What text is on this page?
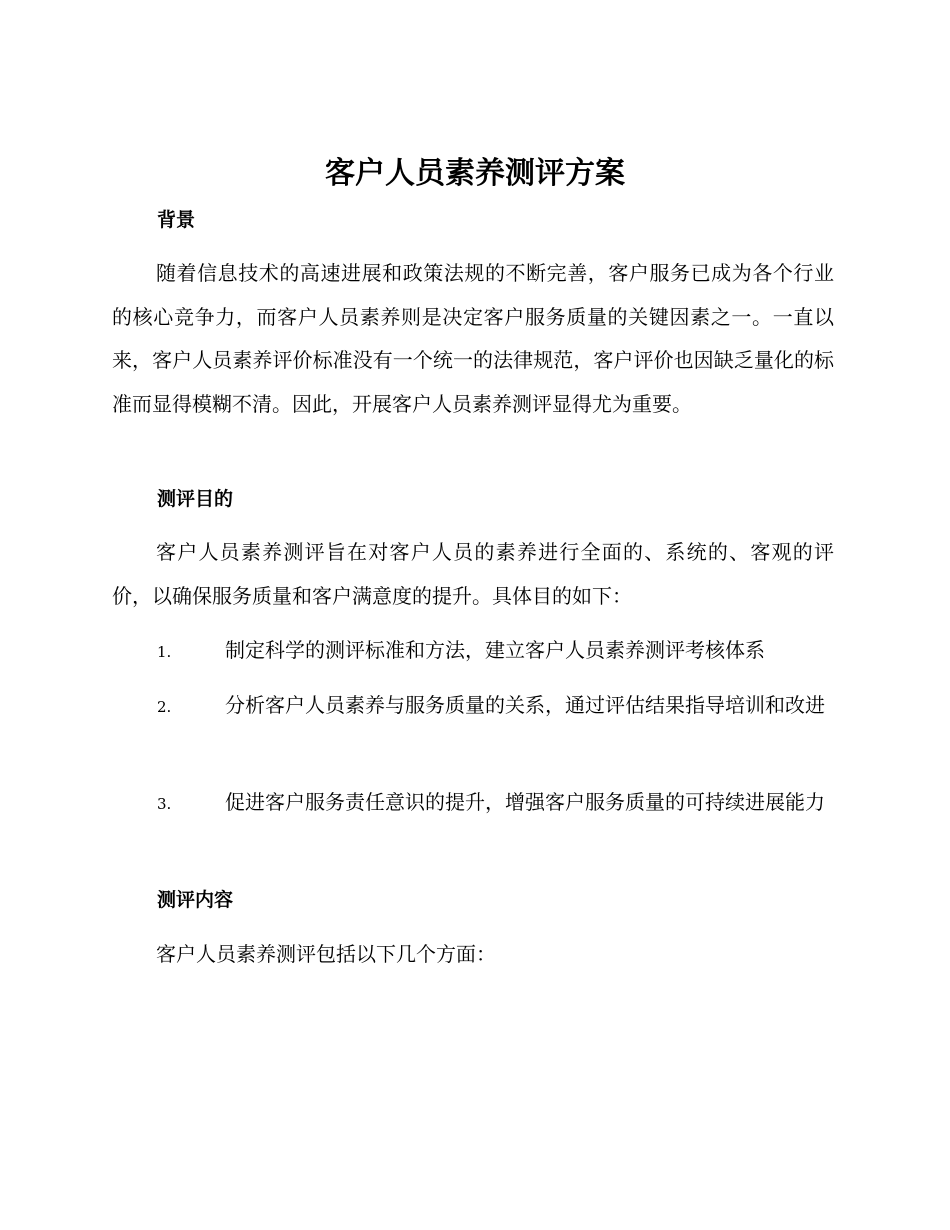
客户人员素养测评方案
背景

随着信息技术的高速进展和政策法规的不断完善，客户服务已成为各个行业的核心竞争力，而客户人员素养则是决定客户服务质量的关键因素之一。一直以来，客户人员素养评价标准没有一个统一的法律规范，客户评价也因缺乏量化的标准而显得模糊不清。因此，开展客户人员素养测评显得尤为重要。

测评目的

客户人员素养测评旨在对客户人员的素养进行全面的、系统的、客观的评价，以确保服务质量和客户满意度的提升。具体目的如下：

1.	制定科学的测评标准和方法，建立客户人员素养测评考核体系

2.	分析客户人员素养与服务质量的关系，通过评估结果指导培训和改进

3.	促进客户服务责任意识的提升，增强客户服务质量的可持续进展能力

测评内容

客户人员素养测评包括以下几个方面：
